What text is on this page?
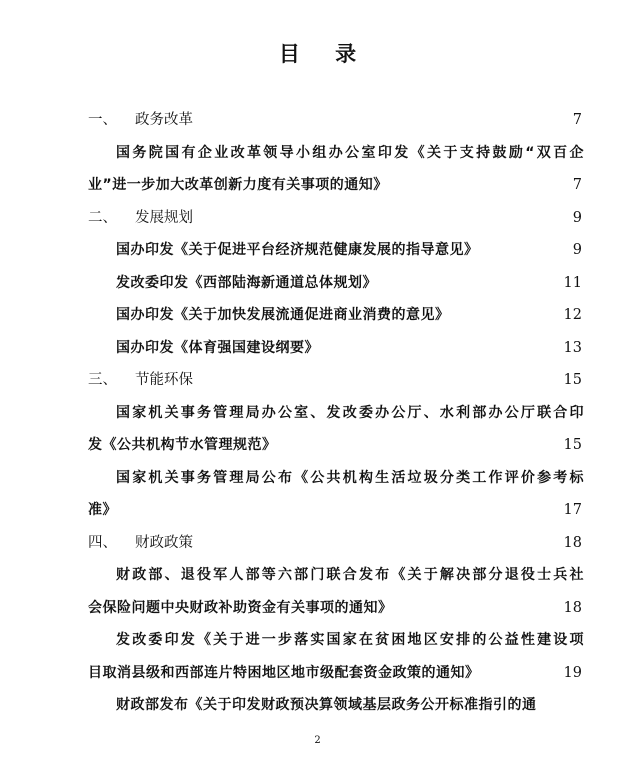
目 录
一、 政务改革	7
国务院国有企业改革领导小组办公室印发《关于支持鼓励“双百企
业”进一步加大改革创新力度有关事项的通知》	7
二、 发展规划	9
国办印发《关于促进平台经济规范健康发展的指导意见》	9
发改委印发《西部陆海新通道总体规划》	11
国办印发《关于加快发展流通促进商业消费的意见》	12
国办印发《体育强国建设纲要》	13
三、 节能环保	15
国家机关事务管理局办公室、发改委办公厅、水利部办公厅联合印
发《公共机构节水管理规范》	15
国家机关事务管理局公布《公共机构生活垃圾分类工作评价参考标
准》	17
四、 财政政策	18
财政部、退役军人部等六部门联合发布《关于解决部分退役士兵社
会保险问题中央财政补助资金有关事项的通知》	18
发改委印发《关于进一步落实国家在贫困地区安排的公益性建设项
目取消县级和西部连片特困地区地市级配套资金政策的通知》	19
财政部发布《关于印发财政预决算领域基层政务公开标准指引的通
2
